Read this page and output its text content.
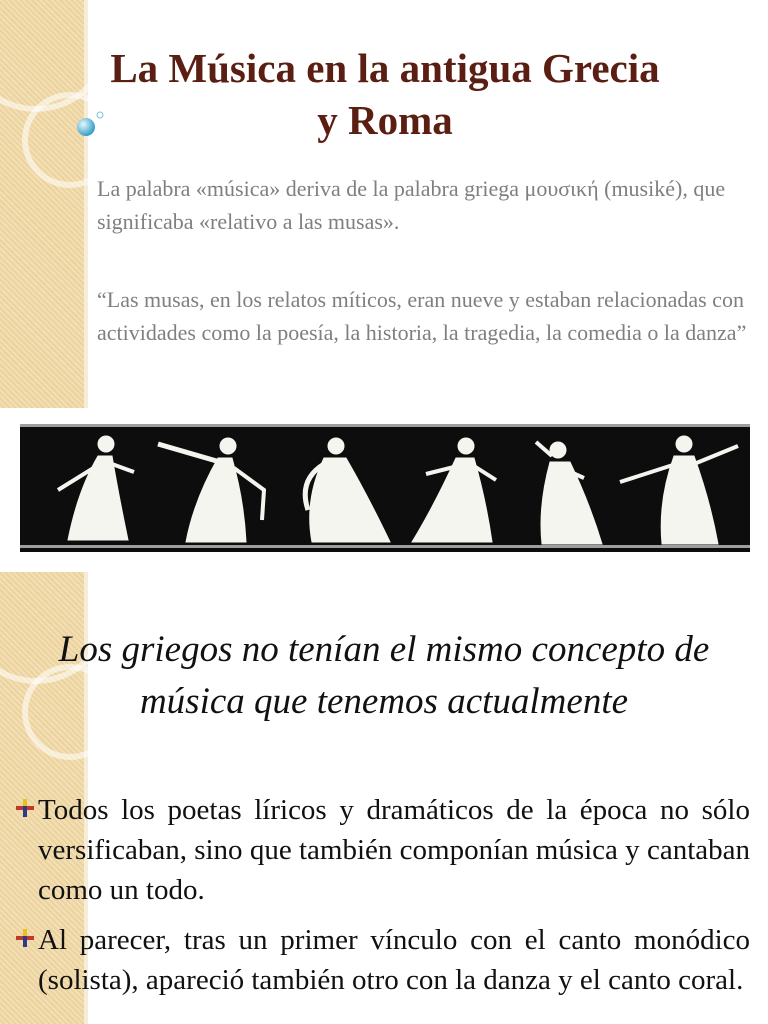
La Música en la antigua Grecia
y Roma

La palabra «música» deriva de la palabra griega μουσική (musiké), que significaba «relativo a las musas».

“Las musas, en los relatos míticos, eran nueve y estaban relacionadas con actividades como la poesía, la historia, la tragedia, la comedia o la danza”

Los griegos no tenían el mismo concepto de música que tenemos actualmente

Todos los poetas líricos y dramáticos de la época no sólo versificaban, sino que también componían música y cantaban como un todo.

Al parecer, tras un primer vínculo con el canto monódico (solista), apareció también otro con la danza y el canto coral.
